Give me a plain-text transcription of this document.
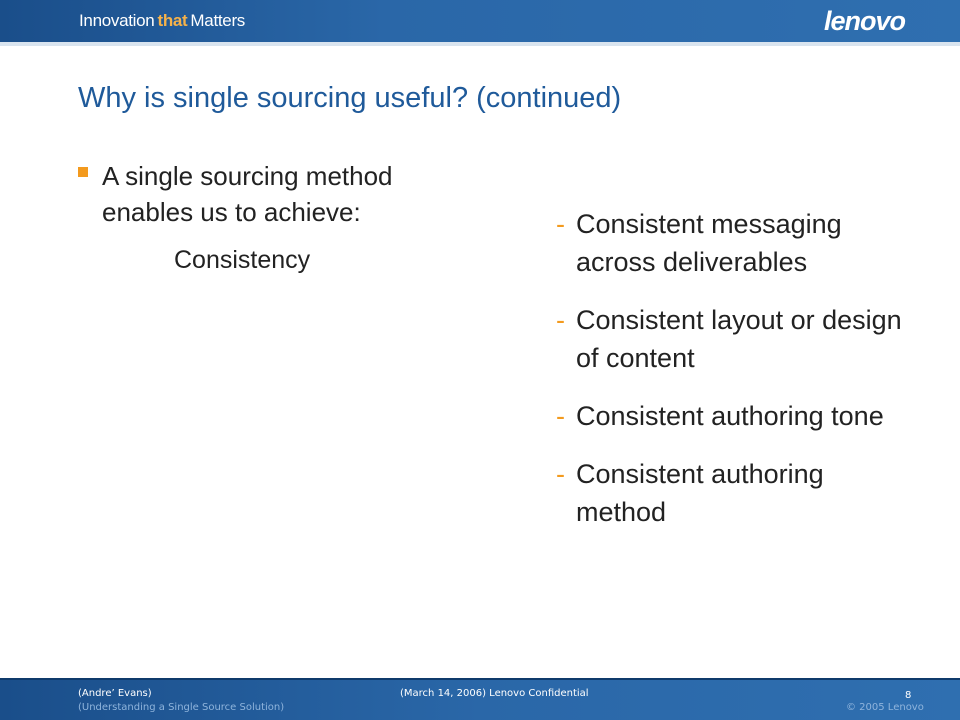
Innovation that Matters	lenovo
Why is single sourcing useful? (continued)
A single sourcing method enables us to achieve:
Consistency
- Consistent messaging across deliverables
- Consistent layout or design of content
- Consistent authoring tone
- Consistent authoring method
(Andre’ Evans)
(Understanding a Single Source Solution)
(March 14, 2006) Lenovo Confidential	8
© 2005 Lenovo
